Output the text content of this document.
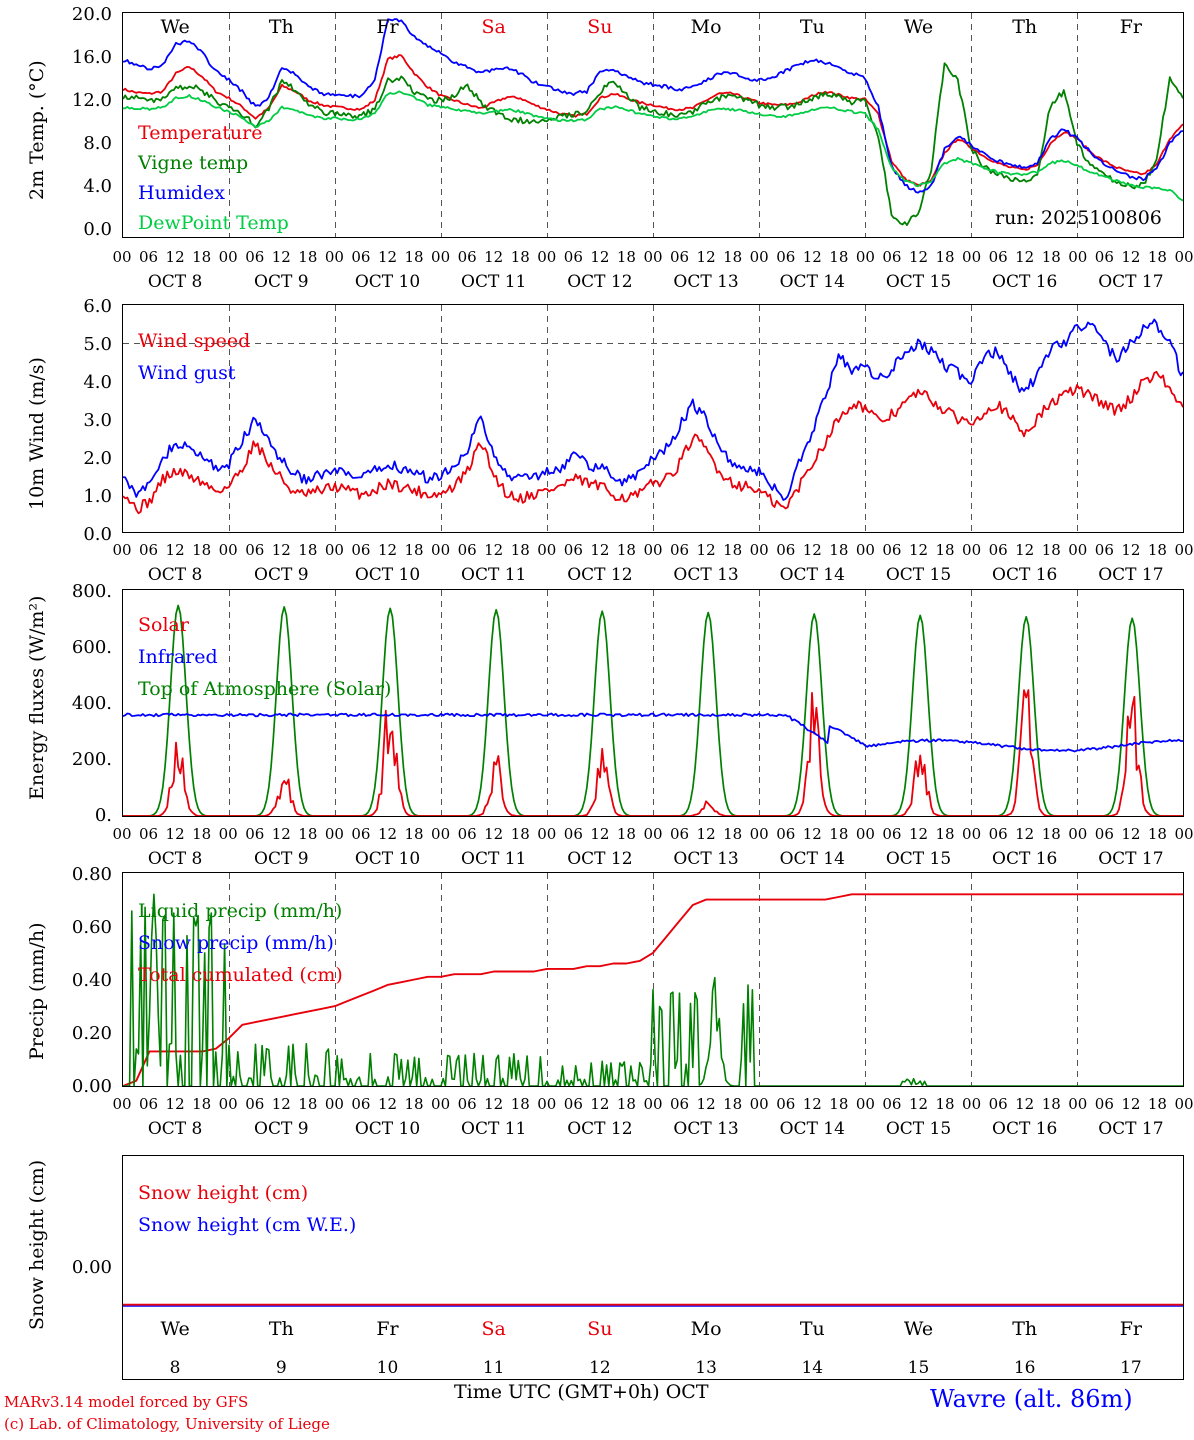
2m Temp. (°C)
20.0
16.0
12.0
8.0
4.0
0.0
Temperature
Vigne temp
Humidex
DewPoint Temp	run: 2025100806
00 06 12 18 00 06 12 18 00 06 12 18 00 06 12 18 00 06 12 18 00 06 12 18 00 06 12 18 00 06 12 18 00 06 12 18 00 06 12 18 00
OCT 8	OCT 9	OCT 10	OCT 11	OCT 12	OCT 13	OCT 14	OCT 15	OCT 16	OCT 17
We	Th	Fr	Sa	Su	Mo	Tu	We	Th	Fr
10m Wind (m/s)
6.0
5.0
4.0
3.0
2.0
1.0
0.0
Wind speed
Wind gust
00 06 12 18 00 06 12 18 00 06 12 18 00 06 12 18 00 06 12 18 00 06 12 18 00 06 12 18 00 06 12 18 00 06 12 18 00 06 12 18 00
OCT 8	OCT 9	OCT 10	OCT 11	OCT 12	OCT 13	OCT 14	OCT 15	OCT 16	OCT 17
Energy fluxes (W/m²)
800.
600.
400.
200.
0.
Solar
Infrared
Top of Atmosphere (Solar)
00 06 12 18 00 06 12 18 00 06 12 18 00 06 12 18 00 06 12 18 00 06 12 18 00 06 12 18 00 06 12 18 00 06 12 18 00 06 12 18 00
OCT 8	OCT 9	OCT 10	OCT 11	OCT 12	OCT 13	OCT 14	OCT 15	OCT 16	OCT 17
Precip (mm/h)
0.80
0.60
0.40
0.20
0.00
Liquid precip (mm/h)
Snow precip (mm/h)
Total cumulated (cm)
00 06 12 18 00 06 12 18 00 06 12 18 00 06 12 18 00 06 12 18 00 06 12 18 00 06 12 18 00 06 12 18 00 06 12 18 00 06 12 18 00
OCT 8	OCT 9	OCT 10	OCT 11	OCT 12	OCT 13	OCT 14	OCT 15	OCT 16	OCT 17
Snow height (cm)	0.00
Snow height (cm)
Snow height (cm W.E.)
We	Th	Fr	Sa	Su	Mo	Tu	We	Th	Fr
8	9	10	11	12	13	14	15	16	17
Time UTC (GMT+0h) OCT
MARv3.14 model forced by GFS
(c) Lab. of Climatology, University of Liege
Wavre (alt. 86m)
